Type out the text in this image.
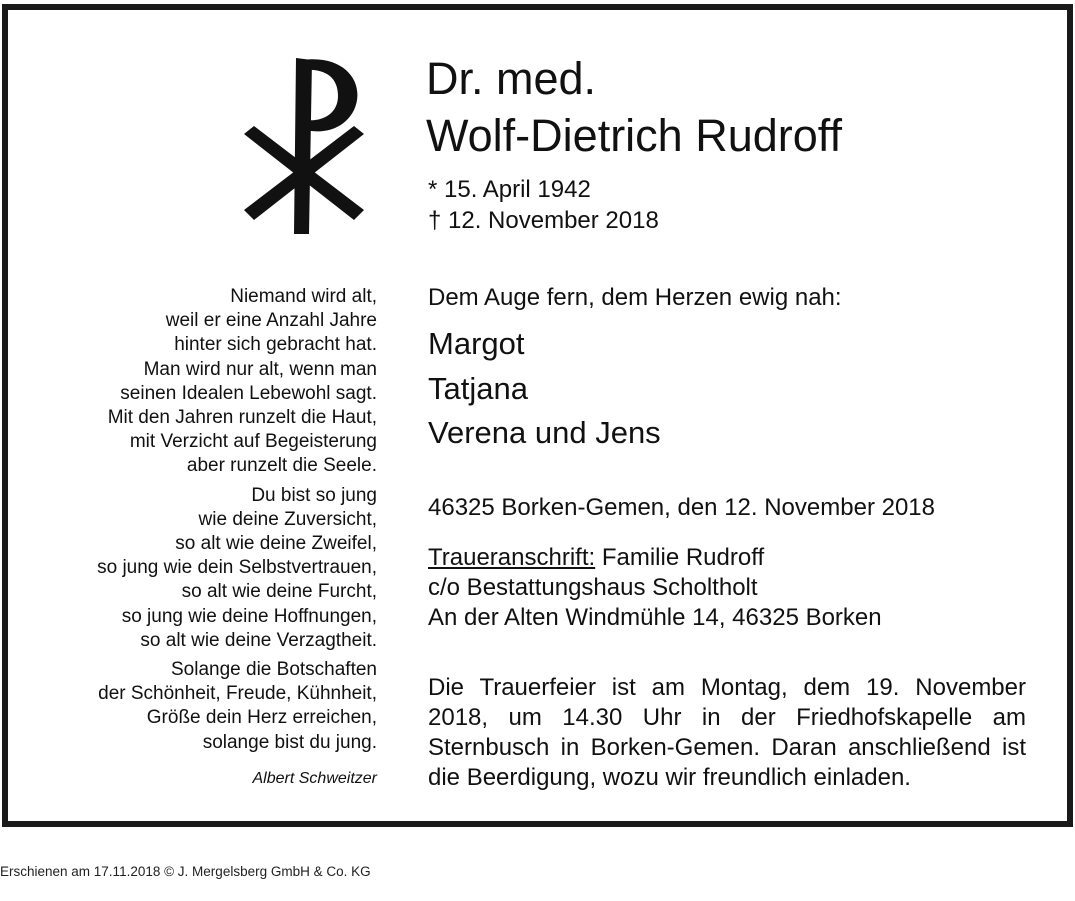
Dr. med.
Wolf-Dietrich Rudroff
* 15. April 1942
† 12. November 2018
Niemand wird alt,
weil er eine Anzahl Jahre
hinter sich gebracht hat.
Man wird nur alt, wenn man
seinen Idealen Lebewohl sagt.
Mit den Jahren runzelt die Haut,
mit Verzicht auf Begeisterung
aber runzelt die Seele.
Du bist so jung
wie deine Zuversicht,
so alt wie deine Zweifel,
so jung wie dein Selbstvertrauen,
so alt wie deine Furcht,
so jung wie deine Hoffnungen,
so alt wie deine Verzagtheit.
Solange die Botschaften
der Schönheit, Freude, Kühnheit,
Größe dein Herz erreichen,
solange bist du jung.
Albert Schweitzer
Dem Auge fern, dem Herzen ewig nah:
Margot
Tatjana
Verena und Jens
46325 Borken-Gemen, den 12. November 2018
Traueranschrift: Familie Rudroff
c/o Bestattungshaus Scholtholt
An der Alten Windmühle 14, 46325 Borken
Die Trauerfeier ist am Montag, dem 19. November 2018, um 14.30 Uhr in der Friedhofskapelle am Sternbusch in Borken-Gemen. Daran anschließend ist die Beerdigung, wozu wir freundlich einladen.
Erschienen am 17.11.2018 © J. Mergelsberg GmbH & Co. KG
